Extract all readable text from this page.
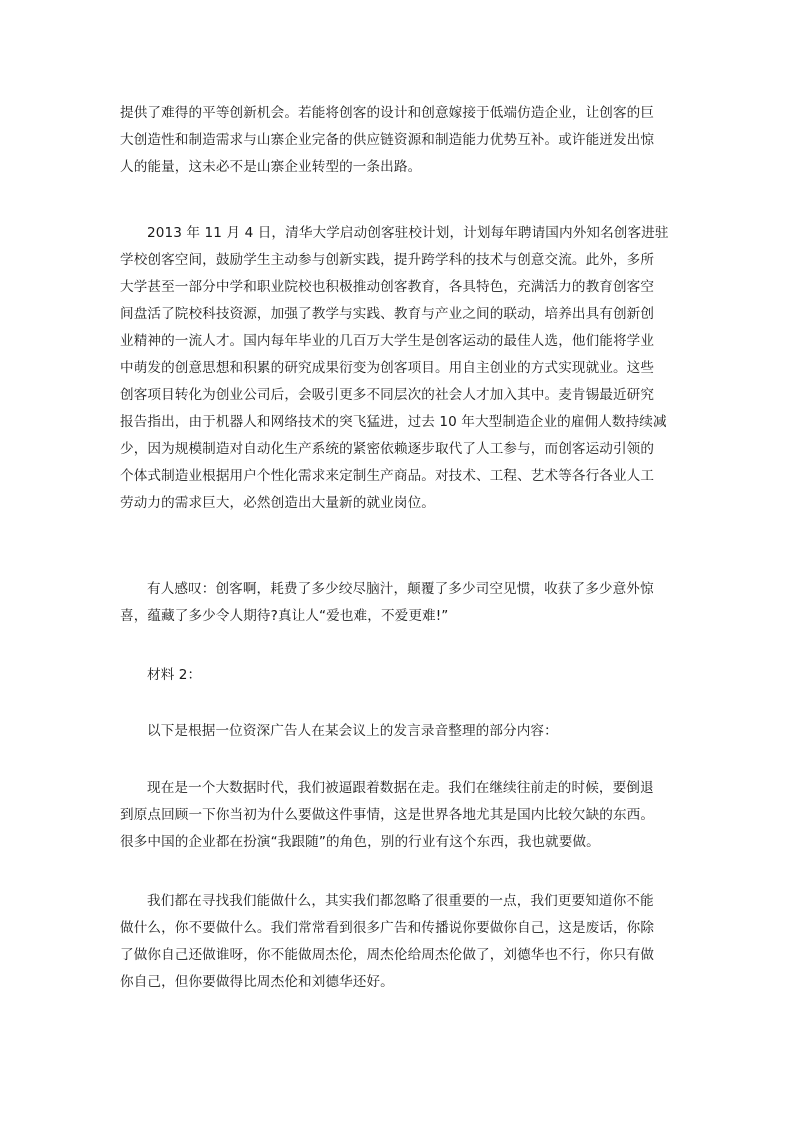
提供了难得的平等创新机会。若能将创客的设计和创意嫁接于低端仿造企业，让创客的巨
大创造性和制造需求与山寨企业完备的供应链资源和制造能力优势互补。或许能迸发出惊
人的能量，这未必不是山寨企业转型的一条出路。

2013 年 11 月 4 日，清华大学启动创客驻校计划，计划每年聘请国内外知名创客进驻
学校创客空间，鼓励学生主动参与创新实践，提升跨学科的技术与创意交流。此外，多所
大学甚至一部分中学和职业院校也积极推动创客教育，各具特色，充满活力的教育创客空
间盘活了院校科技资源，加强了教学与实践、教育与产业之间的联动，培养出具有创新创
业精神的一流人才。国内每年毕业的几百万大学生是创客运动的最佳人选，他们能将学业
中萌发的创意思想和积累的研究成果衍变为创客项目。用自主创业的方式实现就业。这些
创客项目转化为创业公司后，会吸引更多不同层次的社会人才加入其中。麦肯锡最近研究
报告指出，由于机器人和网络技术的突飞猛进，过去 10 年大型制造企业的雇佣人数持续减
少，因为规模制造对自动化生产系统的紧密依赖逐步取代了人工参与，而创客运动引领的
个体式制造业根据用户个性化需求来定制生产商品。对技术、工程、艺术等各行各业人工
劳动力的需求巨大，必然创造出大量新的就业岗位。

有人感叹：创客啊，耗费了多少绞尽脑汁，颠覆了多少司空见惯，收获了多少意外惊
喜，蕴藏了多少令人期待?真让人“爱也难，不爱更难!”

材料 2：

以下是根据一位资深广告人在某会议上的发言录音整理的部分内容：

现在是一个大数据时代，我们被逼跟着数据在走。我们在继续往前走的时候，要倒退
到原点回顾一下你当初为什么要做这件事情，这是世界各地尤其是国内比较欠缺的东西。
很多中国的企业都在扮演“我跟随”的角色，别的行业有这个东西，我也就要做。

我们都在寻找我们能做什么，其实我们都忽略了很重要的一点，我们更要知道你不能
做什么，你不要做什么。我们常常看到很多广告和传播说你要做你自己，这是废话，你除
了做你自己还做谁呀，你不能做周杰伦，周杰伦给周杰伦做了，刘德华也不行，你只有做
你自己，但你要做得比周杰伦和刘德华还好。
